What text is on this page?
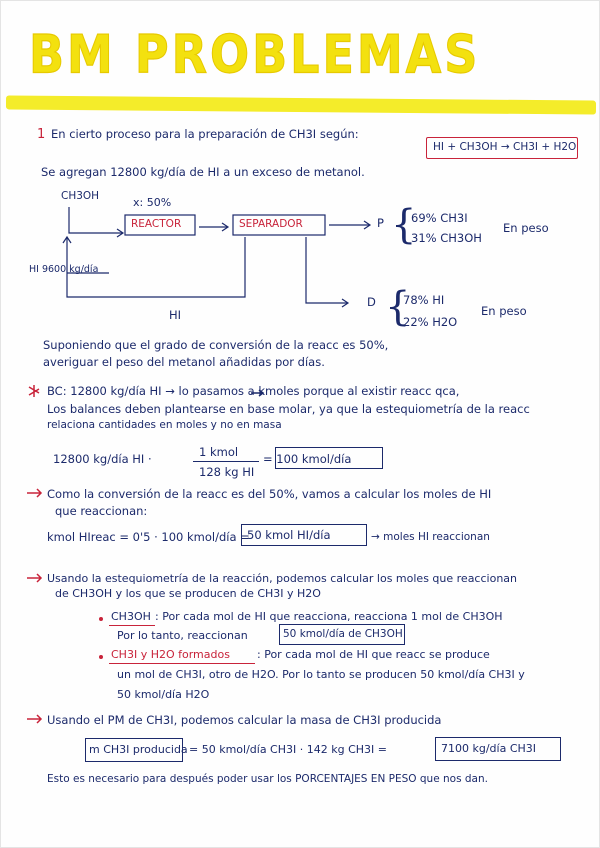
BM PROBLEMAS
1 En cierto proceso para la preparación de CH3I según:
HI + CH3OH → CH3I + H2O
Se agregan 12800 kg/día de HI a un exceso de metanol.
CH3OH	x: 50%
REACTOR	SEPARADOR
HI 9600 kg/día
HI
P {
69% CH3I
31% CH3OH
En peso
D {
78% HI
22% H2O
En peso
Suponiendo que el grado de conversión de la reacc es 50%,
averiguar el peso del metanol añadidas por días.
BC: 12800 kg/día HI → lo pasamos a kmoles porque al existir reacc qca,
Los balances deben plantearse en base molar, ya que la estequiometría de la reacc
relaciona cantidades en moles y no en masa
12800 kg/día HI ·	1 kmol
128 kg HI
= 100 kmol/día
Como la conversión de la reacc es del 50%, vamos a calcular los moles de HI
que reaccionan:
kmol HIreac = 0'5 · 100 kmol/día =
50 kmol HI/día	→ moles HI reaccionan
Usando la estequiometría de la reacción, podemos calcular los moles que reaccionan
de CH3OH y los que se producen de CH3I y H2O
CH3OH : Por cada mol de HI que reacciona, reacciona 1 mol de CH3OH
Por lo tanto, reaccionan	50 kmol/día de CH3OH
CH3I y H2O formados : Por cada mol de HI que reacc se produce
un mol de CH3I, otro de H2O. Por lo tanto se producen 50 kmol/día CH3I y
50 kmol/día H2O
Usando el PM de CH3I, podemos calcular la masa de CH3I producida
m CH3I producida = 50 kmol/día CH3I · 142 kg CH3I =	7100 kg/día CH3I
Esto es necesario para después poder usar los PORCENTAJES EN PESO que nos dan.
